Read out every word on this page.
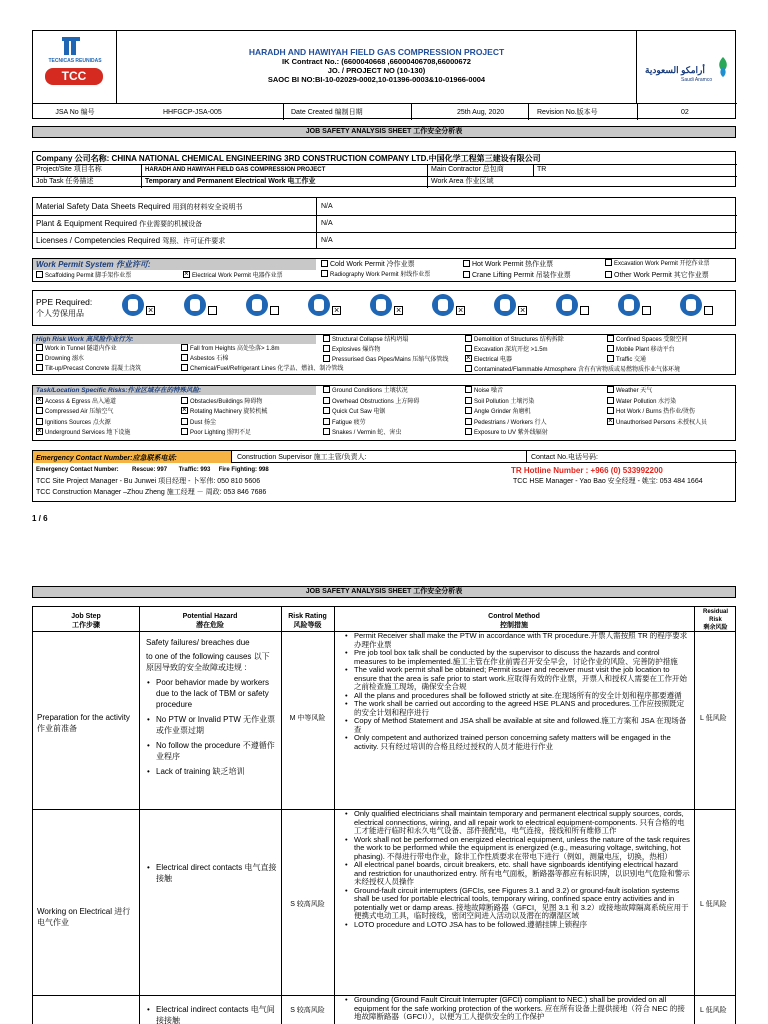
TECNICAS REUNIDAS
TCC
HARADH AND HAWIYAH FIELD GAS COMPRESSION PROJECT
IK Contract No.: (6600040668 ,66000406708,66000672
JO. / PROJECT NO (10-130)
SAOC BI NO:BI-10-02029-0002,10-01396-0003&10-01966-0004
أرامكو السعودية
Saudi Aramco
JSA No 编号	HHFGCP-JSA-005	Date Created 编制日期	25th Aug, 2020	Revision No.版本号	02
JOB SAFETY ANALYSIS SHEET 工作安全分析表
Company 公司名称: CHINA NATIONAL CHEMICAL ENGINEERING 3RD CONSTRUCTION COMPANY LTD.中国化学工程第三建设有限公司
Project/Site 项目名称	HARADH AND HAWIYAH FIELD GAS COMPRESSION PROJECT	Main Contractor 总包商	TR
Job Task 任务描述	Temporary and Permanent Electrical Work 电工作业	Work Area 作业区域
Material Safety Data Sheets Required 用到的材料安全说明书	N/A
Plant & Equipment Required 作业需要的机械设备	N/A
Licenses / Competencies Required 驾照、许可证件要求	N/A
Work Permit System 作业许可:
Scaffolding Permit 脚手架作业票
×	Electrical Work Permit 电器作业票
Cold Work Permit 冷作业票
Radiography Work Permit 射线作业票
Hot Work Permit 热作业票
Crane Lifting Permit 吊装作业票
Excavation Work Permit 开挖作业票
Other Work Permit 其它作业票
PPE Required:
个人劳保用品
×
×
×
×
×
High Risk Work 高风险作业行为:
Work in Tunnel 隧道内作业
Drowning 溺水
Tilt-up/Precast Concrete 混凝土浇筑
Fall from Heights 高处坠落> 1.8m
Asbestos 石棉
Chemical/Fuel/Refrigerant Lines 化学品、燃油、制冷管线
Structural Collapse 结构坍塌
Explosives 爆炸物
Pressurised Gas Pipes/Mains 压缩气体管线
Demolition of Structures 结构拆除
Excavation 深坑开挖 >1.5m
×Electrical 电器
Confined Spaces 受限空间
Mobile Plant 移动平台
Traffic 交通
Contaminated/Flammable Atmosphere 含有有害物质或易燃物质作业气体环境
Task/Location Specific Risks:作业区域存在的特殊风险:
×Access & Egress 出入通道
Compressed Air 压缩空气
Ignitions Sources 点火源
×Underground Services 地下设施
Obstacles/Buildings 障碍物
×Rotating Machinery 旋转机械
Dust 扬尘
Poor Lighting 照明不足
Ground Conditions 土壤状况
Overhead Obstructions 上方障碍
Quick Cut Saw 电锯
Fatigue 疲劳
Snakes / Vermin 蛇、害虫
Noise 噪音
Soil Pollution 土壤污染
Angle Grinder 角磨机
Pedestrians / Workers 行人
Exposure to UV 紫外线辐射
Weather 天气
Water Pollution 水污染
Hot Work / Burns 热作业/烫伤
×Unauthorised Persons 未授权人员
Emergency Contact Number:应急联系电话:	Construction Supervisor 施工主管/负责人:	Contact No.电话号码:
Emergency Contact Number:        Rescue: 997       Traffic: 993     Fire Fighting: 998	TR Hotline Number : +966 (0) 533992200
TCC Site Project Manager - Bu Junwei 项目经理 - 卜军伟: 050 810 5606	TCC HSE Manager - Yao Bao 安全经理 - 姚宝: 053 484 1664
TCC Construction Manager –Zhou Zheng 施工经理 － 周政: 053 846 7686
1 / 6
JOB SAFETY ANALYSIS SHEET 工作安全分析表
Job Step
工作步骤
Potential Hazard
潜在危险
Risk Rating
风险等级
Control Method
控制措施
Residual Risk
剩余风险
Preparation for the activity 作业前准备
Safety failures/ breaches due
to one of the following causes 以下原因导致的安全故障或违规 :
• Poor behavior made by workers due to the lack of TBM or safety procedure
• No PTW or Invalid PTW 无作业票或作业票过期
• No follow the procedure 不遵循作业程序
• Lack of training 缺乏培训
M 中等风险
• Permit Receiver shall make the PTW in accordance with TR procedure.开票人需按照 TR 的程序要求办理作业票
• Pre job tool box talk shall be conducted by the supervisor to discuss the hazards and control measures to be implemented.施工主管在作业前需召开安全早会，讨论作业的风险、完善防护措施
• The valid work permit shall be obtained; Permit issuer and receiver must visit the job location to ensure that the area is safe prior to start work.应取得有效的作业票，开票人和授权人需要在工作开始之前检查施工现场，确保安全合规
• All the plans and procedures shall be followed strictly at site.在现场所有的安全计划和程序都要遵循
• The work shall be carried out according to the agreed HSE PLANS and procedures.工作应按照既定的安全计划和程序进行
• Copy of Method Statement and JSA shall be available at site and followed.施工方案和 JSA 在现场备查
• Only competent and authorized trained person concerning safety matters will be engaged in the activity. 只有经过培训的合格且经过授权的人员才能进行作业
L 低风险
Working on Electrical 进行电气作业
• Electrical direct contacts 电气直接接触
S 较高风险
• Only qualified electricians shall maintain temporary and permanent electrical supply sources, cords, electrical connections, wiring, and all repair work to electrical equipment-components. 只有合格的电工才能进行临时和永久电气设备、部件接配电，电气连接，接线和所有维修工作
• Work shall not be performed on energized electrical equipment, unless the nature of the task requires the work to be performed while the equipment is energized (e.g., measuring voltage, switching, hot phasing). 不得进行带电作业，除非工作性质要求在带电下进行（例如，测量电压，切换，热相）
• All electrical panel boards, circuit breakers, etc. shall have signboards identifying electrical hazard and restriction for unauthorized entry. 所有电气面板，断路器等都应有标识牌，以识别电气危险和警示未经授权人员操作
• Ground-fault circuit interrupters (GFCIs, see Figures 3.1 and 3.2) or ground-fault isolation systems shall be used for portable electrical tools, temporary wiring, confined space entry activities and in potentially wet or damp areas. 接地故障断路器（GFCI，见图 3.1 和 3.2）或接地故障隔离系统应用于便携式电动工具，临时接线，密闭空间进入活动以及潜在的潮湿区域
• LOTO procedure and LOTO JSA has to be followed.遵循挂牌上锁程序
L 低风险
• Electrical indirect contacts 电气间接接触
S 较高风险
• Grounding (Ground Fault Circuit Interrupter (GFCI) compliant to NEC.) shall be provided on all equipment for the safe working protection of the workers. 应在所有设备上提供接地（符合 NEC 的接地故障断路器（GFCI）），以便为工人提供安全的工作保护
L 低风险
